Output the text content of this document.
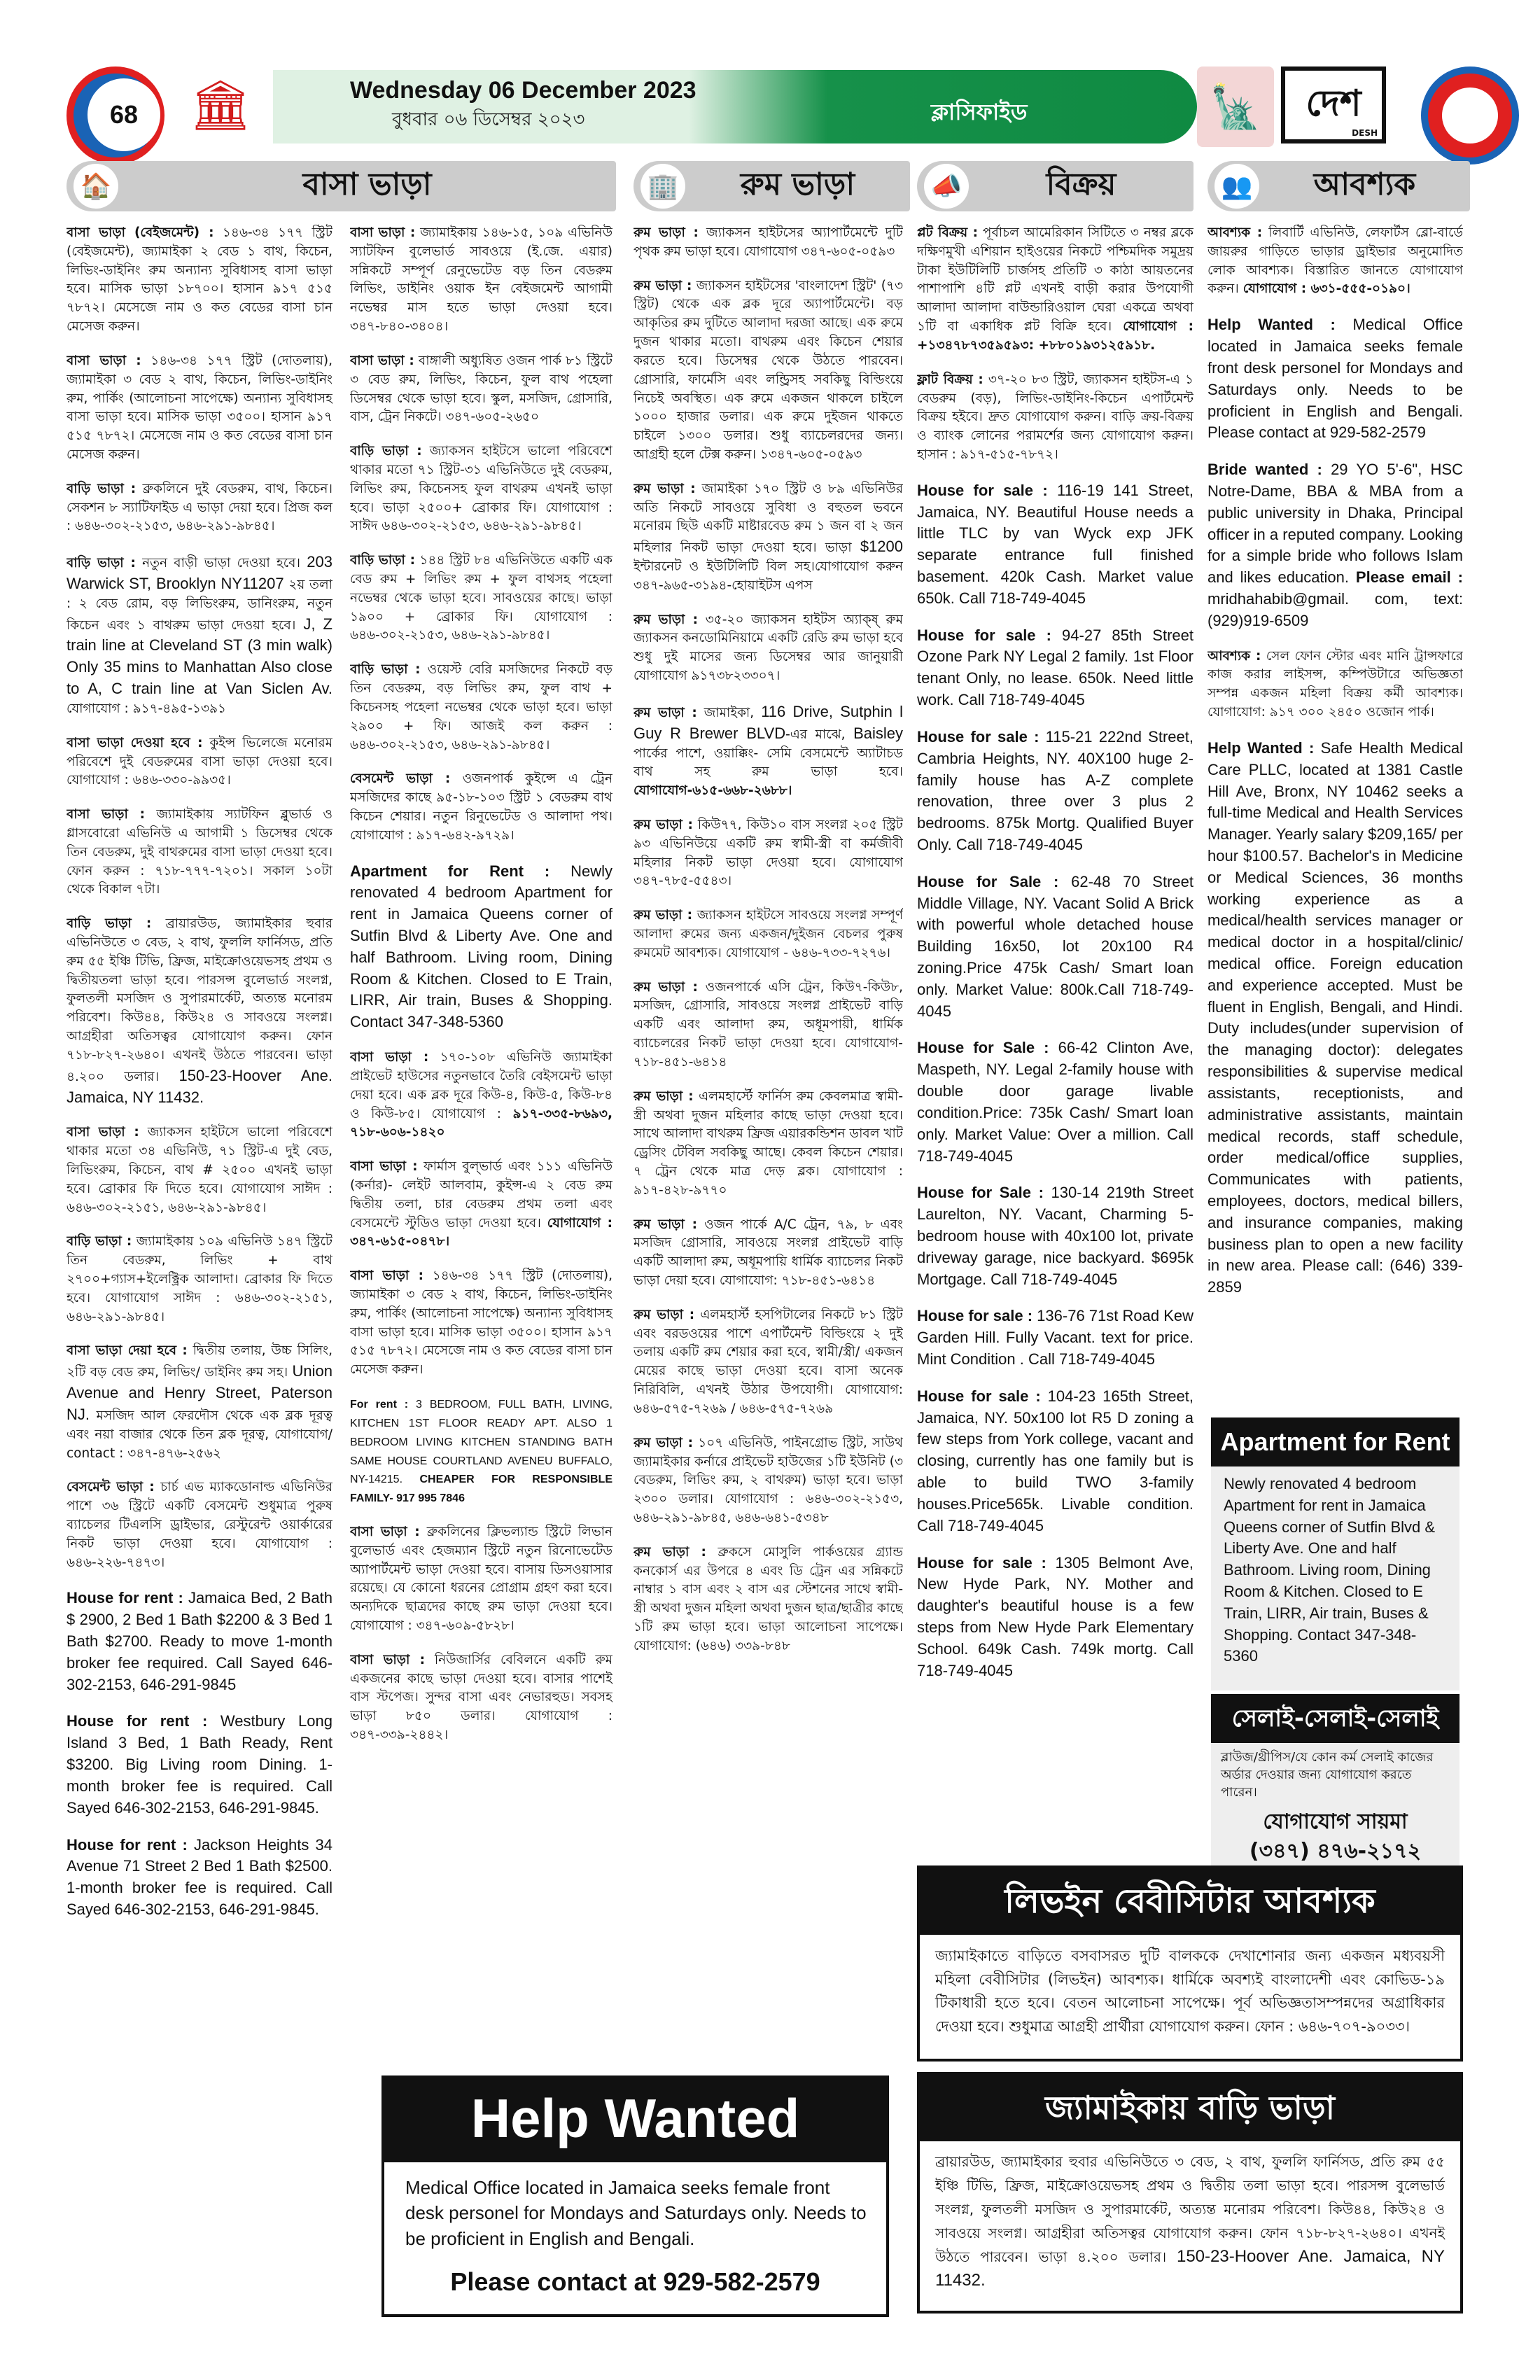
68	🏛	Wednesday 06 December 2023
বুধবার ০৬ ডিসেম্বর ২০২৩	ক্লাসিফাইড	🗽	দেশ
DESH
🏠	বাসা ভাড়া	🏢	রুম ভাড়া	📣	বিক্রয়	👥	আবশ্যক

বাসা ভাড়া (বেইজমেন্ট) : ১৪৬-৩৪ ১৭৭ স্ট্রিট (বেইজমেন্ট), জ্যামাইকা ২ বেড ১ বাথ, কিচেন, লিভিং-ডাইনিং রুম অন্যান্য সুবিধাসহ বাসা ভাড়া হবে। মাসিক ভাড়া ১৮৭০০। হাসান ৯১৭ ৫১৫ ৭৮৭২। মেসেজে নাম ও কত বেডের বাসা চান মেসেজ করুন।

বাসা ভাড়া : ১৪৬-৩৪ ১৭৭ স্ট্রিট (দোতলায়), জ্যামাইকা ৩ বেড ২ বাথ, কিচেন, লিভিং-ডাইনিং রুম, পার্কিং (আলোচনা সাপেক্ষে) অন্যান্য সুবিধাসহ বাসা ভাড়া হবে। মাসিক ভাড়া ৩৫০০। হাসান ৯১৭ ৫১৫ ৭৮৭২। মেসেজে নাম ও কত বেডের বাসা চান মেসেজ করুন।

বাড়ি ভাড়া : ব্রুকলিনে দুই বেডরুম, বাথ, কিচেন। সেকশন ৮ স্যাটিফাইড এ ভাড়া দেয়া হবে। প্রিজ কল : ৬৪৬-৩০২-২১৫৩, ৬৪৬-২৯১-৯৮৪৫।

বাড়ি ভাড়া : নতুন বাড়ী ভাড়া দেওয়া হবে। 203 Warwick ST, Brooklyn NY11207 ২য় তলা : ২ বেড রোম, বড় লিভিংরুম, ডানিংরুম, নতুন কিচেন এবং ১ বাথরুম ভাড়া দেওয়া হবে। J, Z train line at Cleveland ST (3 min walk) Only 35 mins to Manhattan Also close to A, C train line at Van Siclen Av. যোগাযোগ : ৯১৭-৪৯৫-১৩৯১

বাসা ভাড়া দেওয়া হবে : কুইন্স ভিলেজে মনোরম পরিবেশে দুই বেডরুমের বাসা ভাড়া দেওয়া হবে। যোগাযোগ : ৬৪৬-৩৩০-৯৯৩৫।

বাসা ভাড়া : জ্যামাইকায় স্যাটফিন ব্লুভার্ড ও গ্লাসবোরো এভিনিউ এ আগামী ১ ডিসেম্বর থেকে তিন বেডরুম, দুই বাথরুমের বাসা ভাড়া দেওয়া হবে। ফোন করুন : ৭১৮-৭৭৭-৭২০১। সকাল ১০টা থেকে বিকাল ৭টা।

বাড়ি ভাড়া : ব্রায়ারউড, জ্যামাইকার হুবার এভিনিউতে ৩ বেড, ২ বাথ, ফুললি ফার্নিসড, প্রতি রুম ৫৫ ইঞ্চি টিভি, ফ্রিজ, মাইক্রোওয়েভসহ প্রথম ও দ্বিতীয়তলা ভাড়া হবে। পারসন্স বুলেভার্ড সংলগ্ন, ফুলতলী মসজিদ ও সুপারমার্কেট, অত্যন্ত মনোরম পরিবেশ। কিউ৪৪, কিউ২৪ ও সাবওয়ে সংলগ্ন। আগ্রহীরা অতিসত্বর যোগাযোগ করুন। ফোন ৭১৮-৮২৭-২৬৪০। এখনই উঠতে পারবেন। ভাড়া ৪.২০০ ডলার। 150-23-Hoover Ane. Jamaica, NY 11432.

বাসা ভাড়া : জ্যাকসন হাইটসে ভালো পরিবেশে থাকার মতো ৩৪ এভিনিউ, ৭১ স্ট্রিট-এ দুই বেড, লিভিংরুম, কিচেন, বাথ # ২৫০০ এখনই ভাড়া হবে। ব্রোকার ফি দিতে হবে। যোগাযোগ সাঈদ : ৬৪৬-৩০২-২১৫১, ৬৪৬-২৯১-৯৮৪৫।

বাড়ি ভাড়া : জ্যামাইকায় ১০৯ এভিনিউ ১৪৭ স্ট্রিটে তিন বেডরুম, লিভিং + বাথ ২৭০০+গ্যাস+ইলেক্ট্রিক আলাদা। ব্রোকার ফি দিতে হবে। যোগাযোগ সাঈদ : ৬৪৬-৩০২-২১৫১, ৬৪৬-২৯১-৯৮৪৫।

বাসা ভাড়া দেয়া হবে : দ্বিতীয় তলায়, উচ্চ সিলিং, ২টি বড় বেড রুম, লিভিং/ ডাইনিং রুম সহ। Union Avenue and Henry Street, Paterson NJ. মসজিদ আল ফেরদৌস থেকে এক ব্লক দূরত্ব এবং নয়া বাজার থেকে তিন ব্লক দূরত্ব, যোগাযোগ/ contact : ৩৪৭-৪৭৬-২৫৬২

বেসমেন্ট ভাড়া : চার্চ এভ ম্যাকডোনাল্ড এভিনিউর পাশে ৩৬ স্ট্রিটে একটি বেসমেন্ট শুধুমাত্র পুরুষ ব্যাচেলর টিএলসি ড্রাইভার, রেস্টুরেন্ট ওয়ার্কারের নিকট ভাড়া দেওয়া হবে। যোগাযোগ : ৬৪৬-২২৬-৭৪৭৩।

House for rent : Jamaica Bed, 2 Bath $ 2900, 2 Bed 1 Bath $2200 & 3 Bed 1 Bath $2700. Ready to move 1-month broker fee required. Call Sayed 646-302-2153, 646-291-9845

House for rent : Westbury Long Island 3 Bed, 1 Bath Ready, Rent $3200. Big Living room Dining. 1-month broker fee is required. Call Sayed 646-302-2153, 646-291-9845.

House for rent : Jackson Heights 34 Avenue 71 Street 2 Bed 1 Bath $2500. 1-month broker fee is required. Call Sayed 646-302-2153, 646-291-9845.

বাসা ভাড়া : জ্যামাইকায় ১৪৬-১৫, ১০৯ এভিনিউ স্যাটফিন বুলেভার্ড সাবওয়ে (ই.জে. এয়ার) সন্নিকটে সম্পূর্ণ রেনুভেটেড বড় তিন বেডরুম লিভিং, ডাইনিং ওয়াক ইন বেইজমেন্ট আগামী নভেম্বর মাস হতে ভাড়া দেওয়া হবে। ৩৪৭-৮৪০-৩৪০৪।

বাসা ভাড়া : বাঙ্গালী অধ্যুষিত ওজন পার্ক ৮১ স্ট্রিটে ৩ বেড রুম, লিভিং, কিচেন, ফুল বাথ পহেলা ডিসেম্বর থেকে ভাড়া হবে। স্কুল, মসজিদ, গ্রোসারি, বাস, ট্রেন নিকটে। ৩৪৭-৬০৫-২৬৫০

বাড়ি ভাড়া : জ্যাকসন হাইটসে ভালো পরিবেশে থাকার মতো ৭১ স্ট্রিট-৩১ এভিনিউতে দুই বেডরুম, লিভিং রুম, কিচেনসহ ফুল বাথরুম এখনই ভাড়া হবে। ভাড়া ২৫০০+ ব্রোকার ফি। যোগাযোগ : সাঈদ ৬৪৬-৩০২-২১৫৩, ৬৪৬-২৯১-৯৮৪৫।

বাড়ি ভাড়া : ১৪৪ স্ট্রিট ৮৪ এভিনিউতে একটি এক বেড রুম + লিভিং রুম + ফুল বাথসহ পহেলা নভেম্বর থেকে ভাড়া হবে। সাবওয়ের কাছে। ভাড়া ১৯০০ + ব্রোকার ফি। যোগাযোগ : ৬৪৬-৩০২-২১৫৩, ৬৪৬-২৯১-৯৮৪৫।

বাড়ি ভাড়া : ওয়েস্ট বেরি মসজিদের নিকটে বড় তিন বেডরুম, বড় লিভিং রুম, ফুল বাথ + কিচেনসহ পহেলা নভেম্বর থেকে ভাড়া হবে। ভাড়া ২৯০০ + ফি। আজই কল করুন : ৬৪৬-৩০২-২১৫৩, ৬৪৬-২৯১-৯৮৪৫।

বেসমেন্ট ভাড়া : ওজনপার্ক কুইন্সে এ ট্রেন মসজিদের কাছে ৯৫-১৮-১০৩ স্ট্রিট ১ বেডরুম বাথ কিচেন শেয়ার। নতুন রিনুভেটেড ও আলাদা পথ। যোগাযোগ : ৯১৭-৬৪২-৯৭২৯।

Apartment for Rent : Newly renovated 4 bedroom Apartment for rent in Jamaica Queens corner of Sutfin Blvd & Liberty Ave. One and half Bathroom. Living room, Dining Room & Kitchen. Closed to E Train, LIRR, Air train, Buses & Shopping. Contact 347-348-5360

বাসা ভাড়া : ১৭০-১০৮ এভিনিউ জ্যামাইকা প্রাইভেট হাউসের নতুনভাবে তৈরি বেইসমেন্ট ভাড়া দেয়া হবে। এক ব্লক দূরে কিউ-৪, কিউ-৫, কিউ-৮৪ ও কিউ-৮৫। যোগাযোগ : ৯১৭-৩৩৫-৮৬৯৩, ৭১৮-৬০৬-১৪২০

বাসা ভাড়া : ফার্মাস বুল্ভার্ড এবং ১১১ এভিনিউ (কর্নার)- লেইট আলবাম, কুইন্স-এ ২ বেড রুম দ্বিতীয় তলা, চার বেডরুম প্রথম তলা এবং বেসমেন্টে স্টুডিও ভাড়া দেওয়া হবে। যোগাযোগ : ৩৪৭-৬১৫-০৪৭৮।

বাসা ভাড়া : ১৪৬-৩৪ ১৭৭ স্ট্রিট (দোতলায়), জ্যামাইকা ৩ বেড ২ বাথ, কিচেন, লিভিং-ডাইনিং রুম, পার্কিং (আলোচনা সাপেক্ষে) অন্যান্য সুবিধাসহ বাসা ভাড়া হবে। মাসিক ভাড়া ৩৫০০। হাসান ৯১৭ ৫১৫ ৭৮৭২। মেসেজে নাম ও কত বেডের বাসা চান মেসেজ করুন।

For rent : 3 BEDROOM, FULL BATH, LIVING, KITCHEN 1ST FLOOR READY APT. ALSO 1 BEDROOM LIVING KITCHEN STANDING BATH SAME HOUSE COURTLAND AVENEU BUFFALO, NY-14215. CHEAPER FOR RESPONSIBLE FAMILY- 917 995 7846

বাসা ভাড়া : ব্রুকলিনের ক্লিভল্যান্ড স্ট্রিটে লিভান বুলেভার্ড এবং হেজম্যান স্ট্রিটে নতুন রিনোভেটেড অ্যাপার্টমেন্ট ভাড়া দেওয়া হবে। বাসায় ডিসওয়াসার রয়েছে। যে কোনো ধরনের প্রোগ্রাম গ্রহণ করা হবে। অন্যদিকে ছাত্রদের কাছে রুম ভাড়া দেওয়া হবে। যোগাযোগ : ৩৪৭-৬০৯-৫৮২৮।

বাসা ভাড়া : নিউজার্সির বেবিলনে একটি রুম একজনের কাছে ভাড়া দেওয়া হবে। বাসার পাশেই বাস স্টপেজ। সুন্দর বাসা এবং নেভারহুড। সবসহ ভাড়া ৮৫০ ডলার। যোগাযোগ : ৩৪৭-৩৩৯-২৪৪২।

রুম ভাড়া : জ্যাকসন হাইটসের অ্যাপার্টমেন্টে দুটি পৃথক রুম ভাড়া হবে। যোগাযোগ ৩৪৭-৬০৫-০৫৯৩

রুম ভাড়া : জ্যাকসন হাইটসের 'বাংলাদেশ স্ট্রিট' (৭৩ স্ট্রিট) থেকে এক ব্লক দূরে অ্যাপার্টমেন্টে। বড় আকৃতির রুম দুটিতে আলাদা দরজা আছে। এক রুমে দুজন থাকার মতো। বাথরুম এবং কিচেন শেয়ার করতে হবে। ডিসেম্বর থেকে উঠতে পারবেন। গ্রোসারি, ফার্মেসি এবং লন্ড্রিসহ সবকিছু বিল্ডিংয়ে নিচেই অবস্থিত। এক রুমে একজন থাকলে চাইলে ১০০০ হাজার ডলার। এক রুমে দুইজন থাকতে চাইলে ১৩০০ ডলার। শুধু ব্যাচেলরদের জন্য। আগ্রহী হলে টেক্স করুন। ১৩৪৭-৬০৫-০৫৯৩

রুম ভাড়া : জামাইকা ১৭০ স্ট্রিট ও ৮৯ এভিনিউর অতি নিকটে সাবওয়ে সুবিধা ও বহুতল ভবনে মনোরম ছিউ একটি মাষ্টারবেড রুম ১ জন বা ২ জন মহিলার নিকট ভাড়া দেওয়া হবে। ভাড়া $1200 ইন্টারনেট ও ইউটিলিটি বিল সহ।যোগাযোগ করুন ৩৪৭-৯৬৫-৩১৯৪-হোয়াইটস এপস

রুম ভাড়া : ৩৫-২০ জ্যাকসন হাইটস অ্যাক্ষ্ রুম জ্যাকসন কনডোমিনিয়ামে একটি রেডি রুম ভাড়া হবে শুধু দুই মাসের জন্য ডিসেম্বর আর জানুয়ারী যোগাযোগ ৯১৭৩৮২৩৩০৭।

রুম ভাড়া : জামাইকা, 116 Drive, Sutphin l Guy R Brewer BLVD-এর মাঝে, Baisley পার্কের পাশে, ওয়াক্কিং- সেমি বেসমেন্টে অ্যাটাচড বাথ সহ রুম ভাড়া হবে। যোগাযোগ-৬১৫-৬৬৮-২৬৮৮।

রুম ভাড়া : কিউ৭৭, কিউ১০ বাস সংলগ্ন ২০৫ স্ট্রিট ৯৩ এভিনিউয়ে একটি রুম স্বামী-স্ত্রী বা কর্মজীবী মহিলার নিকট ভাড়া দেওয়া হবে। যোগাযোগ ৩৪৭-৭৮৫-৫৫৪৩।

রুম ভাড়া : জ্যাকসন হাইটসে সাবওয়ে সংলগ্ন সম্পূর্ণ আলাদা রুমের জন্য একজন/দুইজন বেচলর পুরুষ রুমমেট আবশ্যক। যোগাযোগ - ৬৪৬-৭৩৩-৭২৭৬।

রুম ভাড়া : ওজনপার্কে এসি ট্রেন, কিউ৭-কিউ৮, মসজিদ, গ্রোসারি, সাবওয়ে সংলগ্ন প্রাইভেট বাড়ি একটি এবং আলাদা রুম, অধূমপায়ী, ধার্মিক ব্যাচেলরের নিকট ভাড়া দেওয়া হবে। যোগাযোগ- ৭১৮-৪৫১-৬৪১৪

রুম ভাড়া : এলমহার্স্টে ফার্নিস রুম কেবলমাত্র স্বামী-স্ত্রী অথবা দুজন মহিলার কাছে ভাড়া দেওয়া হবে। সাথে আলাদা বাথরুম ফ্রিজ এয়ারকন্ডিশন ডাবল খাট ড্রেসিং টেবিল সবকিছু আছে। কেবল কিচেন শেয়ার। ৭ ট্রেন থেকে মাত্র দেড় ব্লক। যোগাযোগ : ৯১৭-৪২৮-৯৭৭০

রুম ভাড়া : ওজন পার্কে A/C ট্রেন, ৭৯, ৮ এবং মসজিদ গ্রোসারি, সাবওয়ে সংলগ্ন প্রাইভেট বাড়ি একটি আলাদা রুম, অধূমপায়ি ধার্মিক ব্যাচেলর নিকট ভাড়া দেয়া হবে। যোগাযোগ: ৭১৮-৪৫১-৬৪১৪

রুম ভাড়া : এলমহার্স্ট হসপিটালের নিকটে ৮১ স্ট্রিট এবং বরডওয়ের পাশে এপার্টমেন্ট বিল্ডিংয়ে ২ দুই তলায় একটি রুম শেয়ার করা হবে, স্বামী/স্ত্রী/ একজন মেয়ের কাছে ভাড়া দেওয়া হবে। বাসা অনেক নিরিবিলি, এখনই উঠার উপযোগী। যোগাযোগ: ৬৪৬-৫৭৫-৭২৬৯ / ৬৪৬-৫৭৫-৭২৬৯

রুম ভাড়া : ১০৭ এভিনিউ, পাইনগ্রোভ স্ট্রিট, সাউথ জ্যামাইকার কর্নারে প্রাইভেট হাউজের ১টি ইউনিট (৩ বেডরুম, লিভিং রুম, ২ বাথরুম) ভাড়া হবে। ভাড়া ২৩০০ ডলার। যোগাযোগ : ৬৪৬-৩০২-২১৫৩, ৬৪৬-২৯১-৯৮৪৫, ৬৪৬-৬৪১-৫৩৪৮

রুম ভাড়া : ব্রুকসে মোসুলি পার্কওয়ের গ্র্যান্ড কনকোর্স এর উপরে ৪ এবং ডি ট্রেন এর সন্নিকটে নাম্বার ১ বাস এবং ২ বাস এর স্টেশনের সাথে স্বামী-স্ত্রী অথবা দুজন মহিলা অথবা দুজন ছাত্র/ছাত্রীর কাছে ১টি রুম ভাড়া হবে। ভাড়া আলোচনা সাপেক্ষে। যোগাযোগ: (৬৪৬) ৩৩৯-৮৪৮

প্লট বিক্রয় : পূর্বাচল আমেরিকান সিটিতে ৩ নম্বর ব্লকে দক্ষিণমুখী এশিয়ান হাইওয়ের নিকটে পশ্চিমদিক সমুদ্রয় টাকা ইউটিলিটি চার্জসহ প্রতিটি ৩ কাঠা আয়তনের পাশাপাশি ৪টি প্লট এখনই বাড়ী করার উপযোগী আলাদা আলাদা বাউন্ডারিওয়াল ঘেরা একত্রে অথবা ১টি বা একাধিক প্লট বিক্রি হবে। যোগাযোগ : +১৩৪৭৮৭৩৫৯৫৯৩: +৮৮০১৯৩১২৫৯১৮.

ফ্লাট বিক্রয় : ৩৭-২০ ৮৩ স্ট্রিট, জ্যাকসন হাইটস-এ ১ বেডরুম (বড়), লিভিং-ডাইনিং-কিচেন এপার্টমেন্ট বিক্রয় হইবে। দ্রুত যোগাযোগ করুন। বাড়ি ক্রয়-বিক্রয় ও ব্যাংক লোনের পরামর্শের জন্য যোগাযোগ করুন। হাসান : ৯১৭-৫১৫-৭৮৭২।

House for sale : 116-19 141 Street, Jamaica, NY. Beautiful House needs a little TLC by van Wyck exp JFK separate entrance full finished basement. 420k Cash. Market value 650k. Call 718-749-4045

House for sale : 94-27 85th Street Ozone Park NY Legal 2 family. 1st Floor tenant Only, no lease. 650k. Need little work. Call 718-749-4045

House for sale : 115-21 222nd Street, Cambria Heights, NY. 40X100 huge 2-family house has A-Z complete renovation, three over 3 plus 2 bedrooms. 875k Mortg. Qualified Buyer Only. Call 718-749-4045

House for Sale : 62-48 70 Street Middle Village, NY. Vacant Solid A Brick with powerful whole detached house Building 16x50, lot 20x100 R4 zoning.Price 475k Cash/ Smart loan only. Market Value: 800k.Call 718-749-4045

House for Sale : 66-42 Clinton Ave, Maspeth, NY. Legal 2-family house with double door garage livable condition.Price: 735k Cash/ Smart loan only. Market Value: Over a million. Call 718-749-4045

House for Sale : 130-14 219th Street Laurelton, NY. Vacant, Charming 5-bedroom house with 40x100 lot, private driveway garage, nice backyard. $695k Mortgage. Call 718-749-4045

House for sale : 136-76 71st Road Kew Garden Hill. Fully Vacant. text for price. Mint Condition . Call 718-749-4045

House for sale : 104-23 165th Street, Jamaica, NY. 50x100 lot R5 D zoning a few steps from York college, vacant and closing, currently has one family but is able to build TWO 3-family houses.Price565k. Livable condition. Call 718-749-4045

House for sale : 1305 Belmont Ave, New Hyde Park, NY. Mother and daughter's beautiful house is a few steps from New Hyde Park Elementary School. 649k Cash. 749k mortg. Call 718-749-4045

আবশ্যক : লিবার্টি এভিনিউ, লেফার্টস ব্লো-বার্ডে জায়রুর গাড়িতে ভাড়ার ড্রাইভার অনুমোদিত লোক আবশ্যক। বিস্তারিত জানতে যোগাযোগ করুন। যোগাযোগ : ৬৩১-৫৫৫-০১৯০।

Help Wanted : Medical Office located in Jamaica seeks female front desk personel for Mondays and Saturdays only. Needs to be proficient in English and Bengali. Please contact at 929-582-2579

Bride wanted : 29 YO 5'-6", HSC Notre-Dame, BBA & MBA from a public university in Dhaka, Principal officer in a reputed company. Looking for a simple bride who follows Islam and likes education. Please email : mridhahabib@gmail. com, text: (929)919-6509

আবশ্যক : সেল ফোন স্টোর এবং মানি ট্রান্সফারে কাজ করার লাইসন্স, কম্পিউটারে অভিজ্ঞতা সম্পন্ন একজন মহিলা বিক্রয় কর্মী আবশ্যক। যোগাযোগ: ৯১৭ ৩০০ ২৪৫০ ওজোন পার্ক।

Help Wanted : Safe Health Medical Care PLLC, located at 1381 Castle Hill Ave, Bronx, NY 10462 seeks a full-time Medical and Health Services Manager. Yearly salary $209,165/ per hour $100.57. Bachelor's in Medicine or Medical Sciences, 36 months working experience as a medical/health services manager or medical doctor in a hospital/clinic/ medical office. Foreign education and experience accepted. Must be fluent in English, Bengali, and Hindi. Duty includes(under supervision of the managing doctor): delegates responsibilities & supervise medical assistants, receptionists, and administrative assistants, maintain medical records, staff schedule, order medical/office supplies, Communicates with patients, employees, doctors, medical billers, and insurance companies, making business plan to open a new facility in new area. Please call: (646) 339-2859

Help Wanted
Medical Office located in Jamaica seeks female front desk personel for Mondays and Saturdays only. Needs to be proficient in English and Bengali.
Please contact at 929-582-2579
Apartment for Rent
Newly renovated 4 bedroom Apartment for rent in Jamaica Queens corner of Sutfin Blvd & Liberty Ave. One and half Bathroom. Living room, Dining Room & Kitchen. Closed to E Train, LIRR, Air train, Buses & Shopping. Contact 347-348-5360
সেলাই-সেলাই-সেলাই
ব্লাউজ/থ্রীপিস/যে কোন কর্ম সেলাই কাজের অর্ডার দেওয়ার জন্য যোগাযোগ করতে পারেন।
যোগাযোগ সায়মা
(৩৪৭) ৪৭৬-২১৭২
লিভইন বেবীসিটার আবশ্যক
জ্যামাইকাতে বাড়িতে বসবাসরত দুটি বালককে দেখাশোনার জন্য একজন মধ্যবয়সী মহিলা বেবীসিটার (লিভইন) আবশ্যক। ধার্মিকে অবশ্যই বাংলাদেশী এবং কোভিড-১৯ টিকাধারী হতে হবে। বেতন আলোচনা সাপেক্ষে। পূর্ব অভিজ্ঞতাসম্পন্নদের অগ্রাধিকার দেওয়া হবে। শুধুমাত্র আগ্রহী প্রার্থীরা যোগাযোগ করুন। ফোন : ৬৪৬-৭০৭-৯০৩৩।
জ্যামাইকায় বাড়ি ভাড়া
ব্রায়ারউড, জ্যামাইকার হুবার এভিনিউতে ৩ বেড, ২ বাথ, ফুললি ফার্নিসড, প্রতি রুম ৫৫ ইঞ্চি টিভি, ফ্রিজ, মাইক্রোওয়েভসহ প্রথম ও দ্বিতীয় তলা ভাড়া হবে। পারসন্স বুলেভার্ড সংলগ্ন, ফুলতলী মসজিদ ও সুপারমার্কেট, অত্যন্ত মনোরম পরিবেশ। কিউ৪৪, কিউ২৪ ও সাবওয়ে সংলগ্ন। আগ্রহীরা অতিসত্বর যোগাযোগ করুন। ফোন ৭১৮-৮২৭-২৬৪০। এখনই উঠতে পারবেন। ভাড়া ৪.২০০ ডলার। 150-23-Hoover Ane. Jamaica, NY 11432.
